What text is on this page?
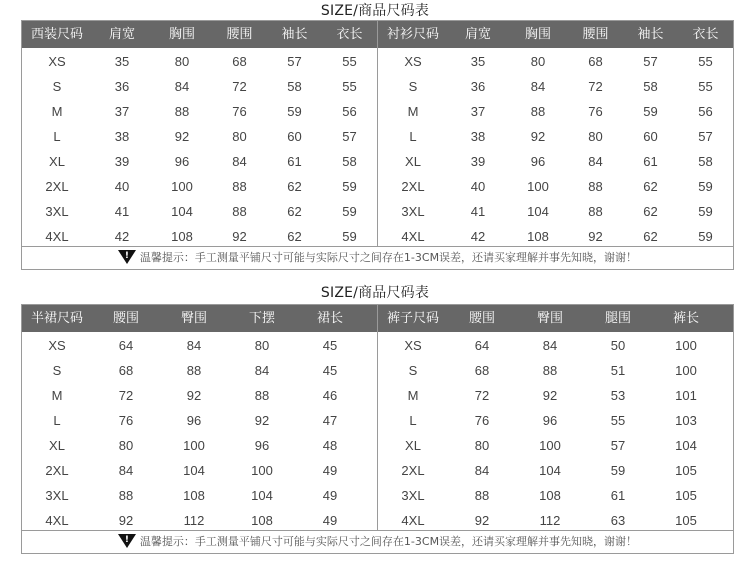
SIZE/商品尺码表
西装尺码	肩宽	胸围	腰围	袖长	衣长
XS	35	80	68	57	55
S	36	84	72	58	55
M	37	88	76	59	56
L	38	92	80	60	57
XL	39	96	84	61	58
2XL	40	100	88	62	59
3XL	41	104	88	62	59
4XL	42	108	92	62	59
衬衫尺码	肩宽	胸围	腰围	袖长	衣长
XS	35	80	68	57	55
S	36	84	72	58	55
M	37	88	76	59	56
L	38	92	80	60	57
XL	39	96	84	61	58
2XL	40	100	88	62	59
3XL	41	104	88	62	59
4XL	42	108	92	62	59
! 温馨提示：手工测量平铺尺寸可能与实际尺寸之间存在1-3CM误差，还请买家理解并事先知晓，谢谢！
SIZE/商品尺码表
半裙尺码	腰围	臀围	下摆	裙长
XS	64	84	80	45
S	68	88	84	45
M	72	92	88	46
L	76	96	92	47
XL	80	100	96	48
2XL	84	104	100	49
3XL	88	108	104	49
4XL	92	112	108	49
裤子尺码	腰围	臀围	腿围	裤长
XS	64	84	50	100
S	68	88	51	100
M	72	92	53	101
L	76	96	55	103
XL	80	100	57	104
2XL	84	104	59	105
3XL	88	108	61	105
4XL	92	112	63	105
! 温馨提示：手工测量平铺尺寸可能与实际尺寸之间存在1-3CM误差，还请买家理解并事先知晓，谢谢！
